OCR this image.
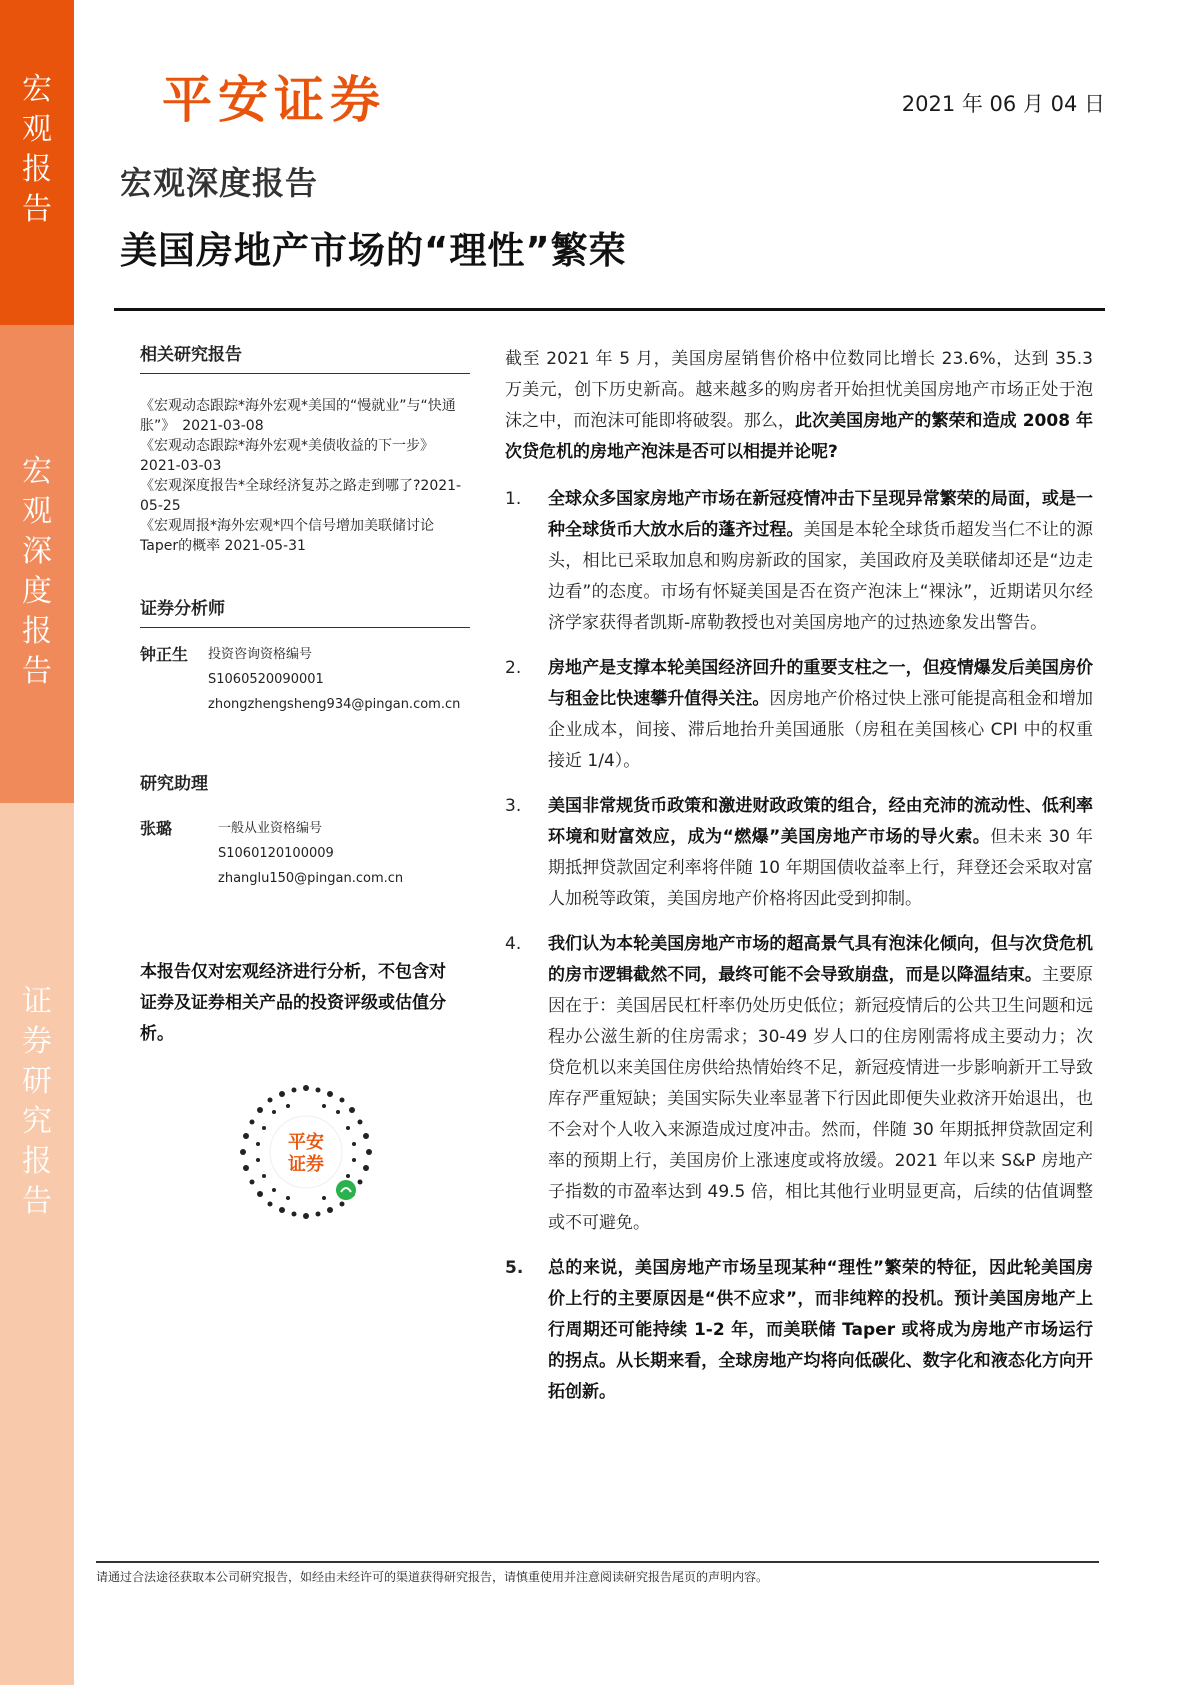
宏
观
报
告
宏
观
深
度
报
告
证
券
研
究
报
告
平安证券	2021 年 06 月 04 日
宏观深度报告
美国房地产市场的“理性”繁荣
相关研究报告
《宏观动态跟踪*海外宏观*美国的“慢就业”与“快通胀”》　2021-03-08
《宏观动态跟踪*海外宏观*美债收益的下一步》2021-03-03
《宏观深度报告*全球经济复苏之路走到哪了?2021-05-25
《宏观周报*海外宏观*四个信号增加美联储讨论Taper的概率 2021-05-31
证券分析师
钟正生	投资咨询资格编号
S1060520090001
zhongzhengsheng934@pingan.com.cn
研究助理
张璐	一般从业资格编号
S1060120100009
zhanglu150@pingan.com.cn
本报告仅对宏观经济进行分析，不包含对证券及证券相关产品的投资评级或估值分析。
平安
证券

截至 2021 年 5 月，美国房屋销售价格中位数同比增长 23.6%，达到 35.3 万美元，创下历史新高。越来越多的购房者开始担忧美国房地产市场正处于泡沫之中，而泡沫可能即将破裂。那么，此次美国房地产的繁荣和造成 2008 年次贷危机的房地产泡沫是否可以相提并论呢?

1.	全球众多国家房地产市场在新冠疫情冲击下呈现异常繁荣的局面，或是一种全球货币大放水后的蓬齐过程。美国是本轮全球货币超发当仁不让的源头，相比已采取加息和购房新政的国家，美国政府及美联储却还是“边走边看”的态度。市场有怀疑美国是否在资产泡沫上“裸泳”，近期诺贝尔经济学家获得者凯斯-席勒教授也对美国房地产的过热迹象发出警告。
2.	房地产是支撑本轮美国经济回升的重要支柱之一，但疫情爆发后美国房价与租金比快速攀升值得关注。因房地产价格过快上涨可能提高租金和增加企业成本，间接、滞后地抬升美国通胀（房租在美国核心 CPI 中的权重接近 1/4）。
3.	美国非常规货币政策和激进财政政策的组合，经由充沛的流动性、低利率环境和财富效应，成为“燃爆”美国房地产市场的导火索。但未来 30 年期抵押贷款固定利率将伴随 10 年期国债收益率上行，拜登还会采取对富人加税等政策，美国房地产价格将因此受到抑制。
4.	我们认为本轮美国房地产市场的超高景气具有泡沫化倾向，但与次贷危机的房市逻辑截然不同，最终可能不会导致崩盘，而是以降温结束。主要原因在于：美国居民杠杆率仍处历史低位；新冠疫情后的公共卫生问题和远程办公滋生新的住房需求；30-49 岁人口的住房刚需将成主要动力；次贷危机以来美国住房供给热情始终不足，新冠疫情进一步影响新开工导致库存严重短缺；美国实际失业率显著下行因此即便失业救济开始退出，也不会对个人收入来源造成过度冲击。然而，伴随 30 年期抵押贷款固定利率的预期上行，美国房价上涨速度或将放缓。2021 年以来 S&P 房地产子指数的市盈率达到 49.5 倍，相比其他行业明显更高，后续的估值调整或不可避免。
5.	总的来说，美国房地产市场呈现某种“理性”繁荣的特征，因此轮美国房价上行的主要原因是“供不应求”，而非纯粹的投机。预计美国房地产上行周期还可能持续 1-2 年，而美联储 Taper 或将成为房地产市场运行的拐点。从长期来看，全球房地产均将向低碳化、数字化和液态化方向开拓创新。
请通过合法途径获取本公司研究报告，如经由未经许可的渠道获得研究报告，请慎重使用并注意阅读研究报告尾页的声明内容。
